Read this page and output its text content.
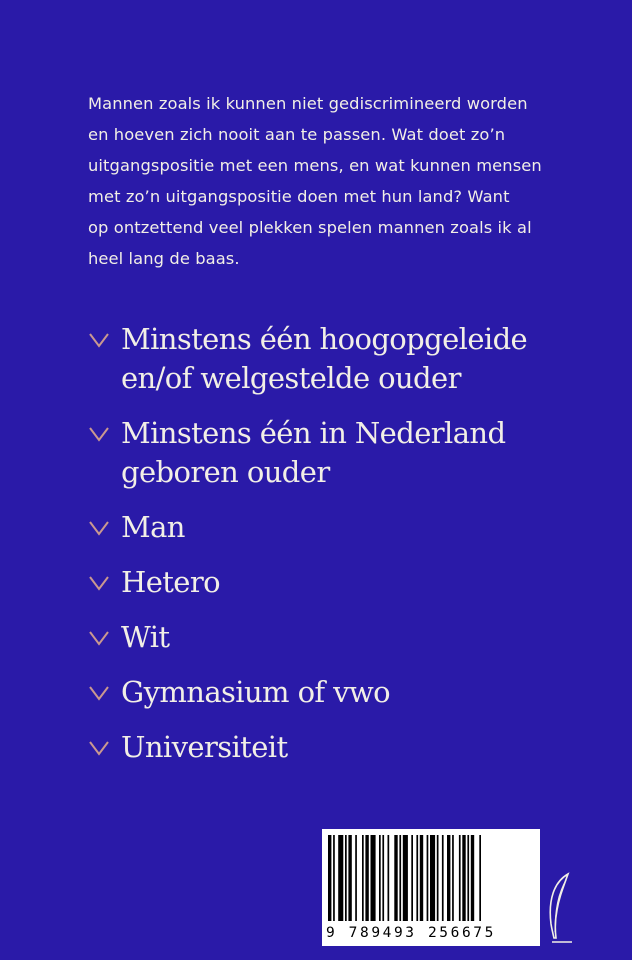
Mannen zoals ik kunnen niet gediscrimineerd worden
en hoeven zich nooit aan te passen. Wat doet zo’n
uitgangspositie met een mens, en wat kunnen mensen
met zo’n uitgangspositie doen met hun land? Want
op ontzettend veel plekken spelen mannen zoals ik al
heel lang de baas.
Minstens één hoogopgeleide
en/of welgestelde ouder
Minstens één in Nederland
geboren ouder
Man
Hetero
Wit
Gymnasium of vwo
Universiteit
9 789493 256675
